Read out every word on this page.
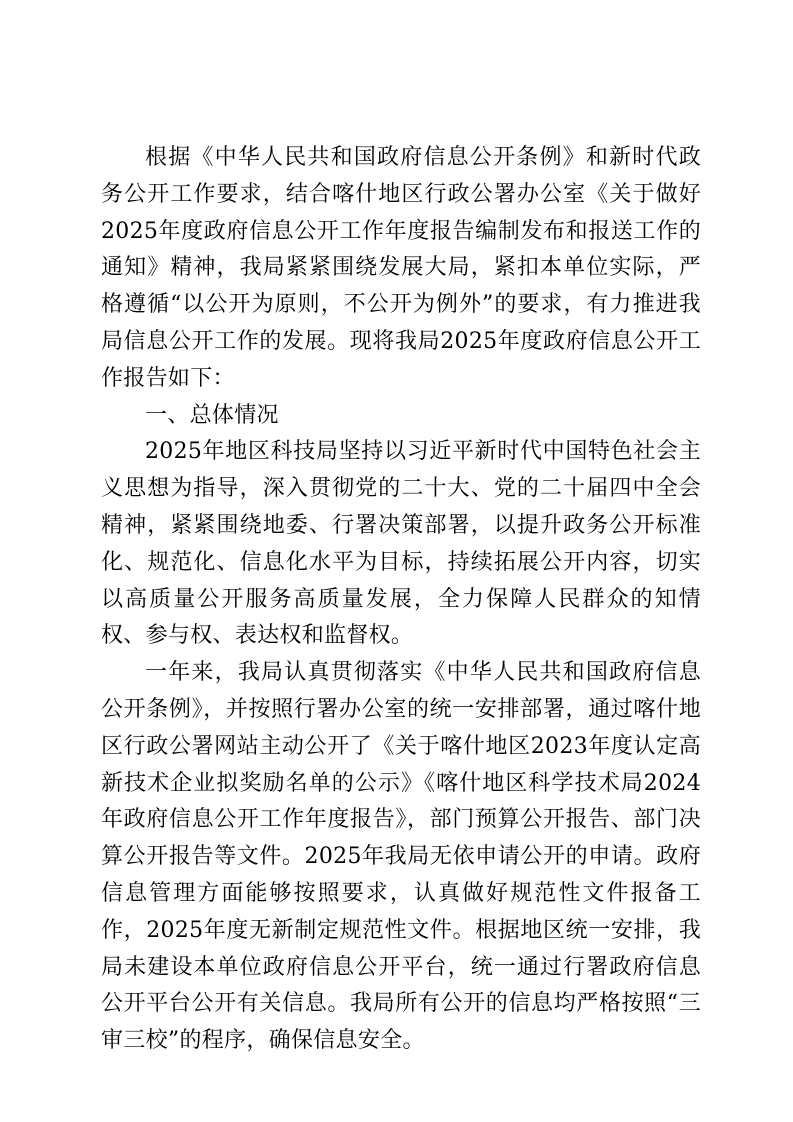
根据《中华人民共和国政府信息公开条例》和新时代政务公开工作要求，结合喀什地区行政公署办公室《关于做好2025年度政府信息公开工作年度报告编制发布和报送工作的通知》精神，我局紧紧围绕发展大局，紧扣本单位实际，严格遵循“以公开为原则，不公开为例外”的要求，有力推进我局信息公开工作的发展。现将我局2025年度政府信息公开工作报告如下：

一、总体情况

2025年地区科技局坚持以习近平新时代中国特色社会主义思想为指导，深入贯彻党的二十大、党的二十届四中全会精神，紧紧围绕地委、行署决策部署，以提升政务公开标准化、规范化、信息化水平为目标，持续拓展公开内容，切实以高质量公开服务高质量发展，全力保障人民群众的知情权、参与权、表达权和监督权。

一年来，我局认真贯彻落实《中华人民共和国政府信息公开条例》，并按照行署办公室的统一安排部署，通过喀什地区行政公署网站主动公开了《关于喀什地区2023年度认定高新技术企业拟奖励名单的公示》《喀什地区科学技术局2024年政府信息公开工作年度报告》，部门预算公开报告、部门决算公开报告等文件。2025年我局无依申请公开的申请。政府信息管理方面能够按照要求，认真做好规范性文件报备工作，2025年度无新制定规范性文件。根据地区统一安排，我局未建设本单位政府信息公开平台，统一通过行署政府信息公开平台公开有关信息。我局所有公开的信息均严格按照“三审三校”的程序，确保信息安全。
